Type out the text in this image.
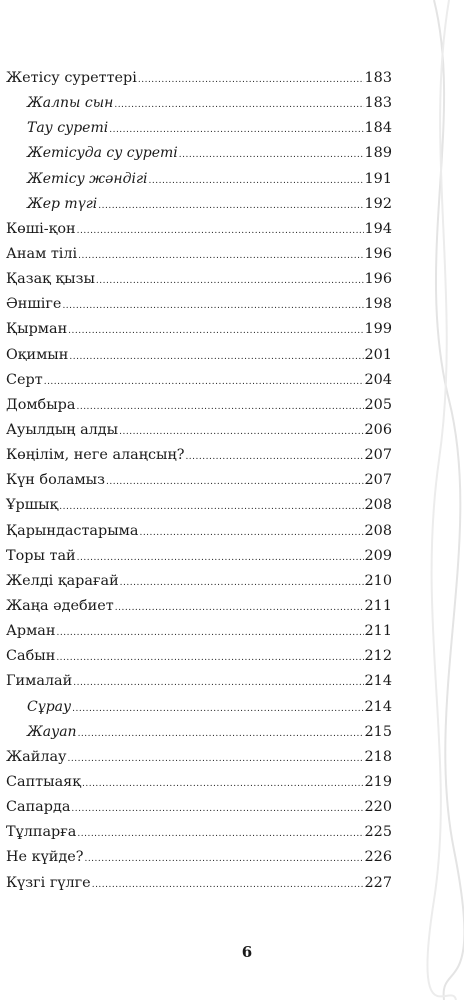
Жетісу суреттері .....	183
Жалпы сын .....	183
Тау суреті .....	184
Жетісуда су суреті .....	189
Жетісу жәндігі .....	191
Жер түгі .....	192
Көші-қон .....	194
Анам тілі .....	196
Қазақ қызы .....	196
Әншіге .....	198
Қырман .....	199
Оқимын .....	201
Серт .....	204
Домбыра .....	205
Ауылдың алды .....	206
Көңілім, неге алаңсың? .....	207
Күн боламыз .....	207
Ұршық .....	208
Қарындастарыма .....	208
Торы тай .....	209
Желді қарағай .....	210
Жаңа әдебиет .....	211
Арман .....	211
Сабын .....	212
Гималай .....	214
Сұрау .....	214
Жауап .....	215
Жайлау .....	218
Саптыаяқ .....	219
Сапарда .....	220
Тұлпарға .....	225
Не күйде? .....	226
Күзгі гүлге .....	227
6
